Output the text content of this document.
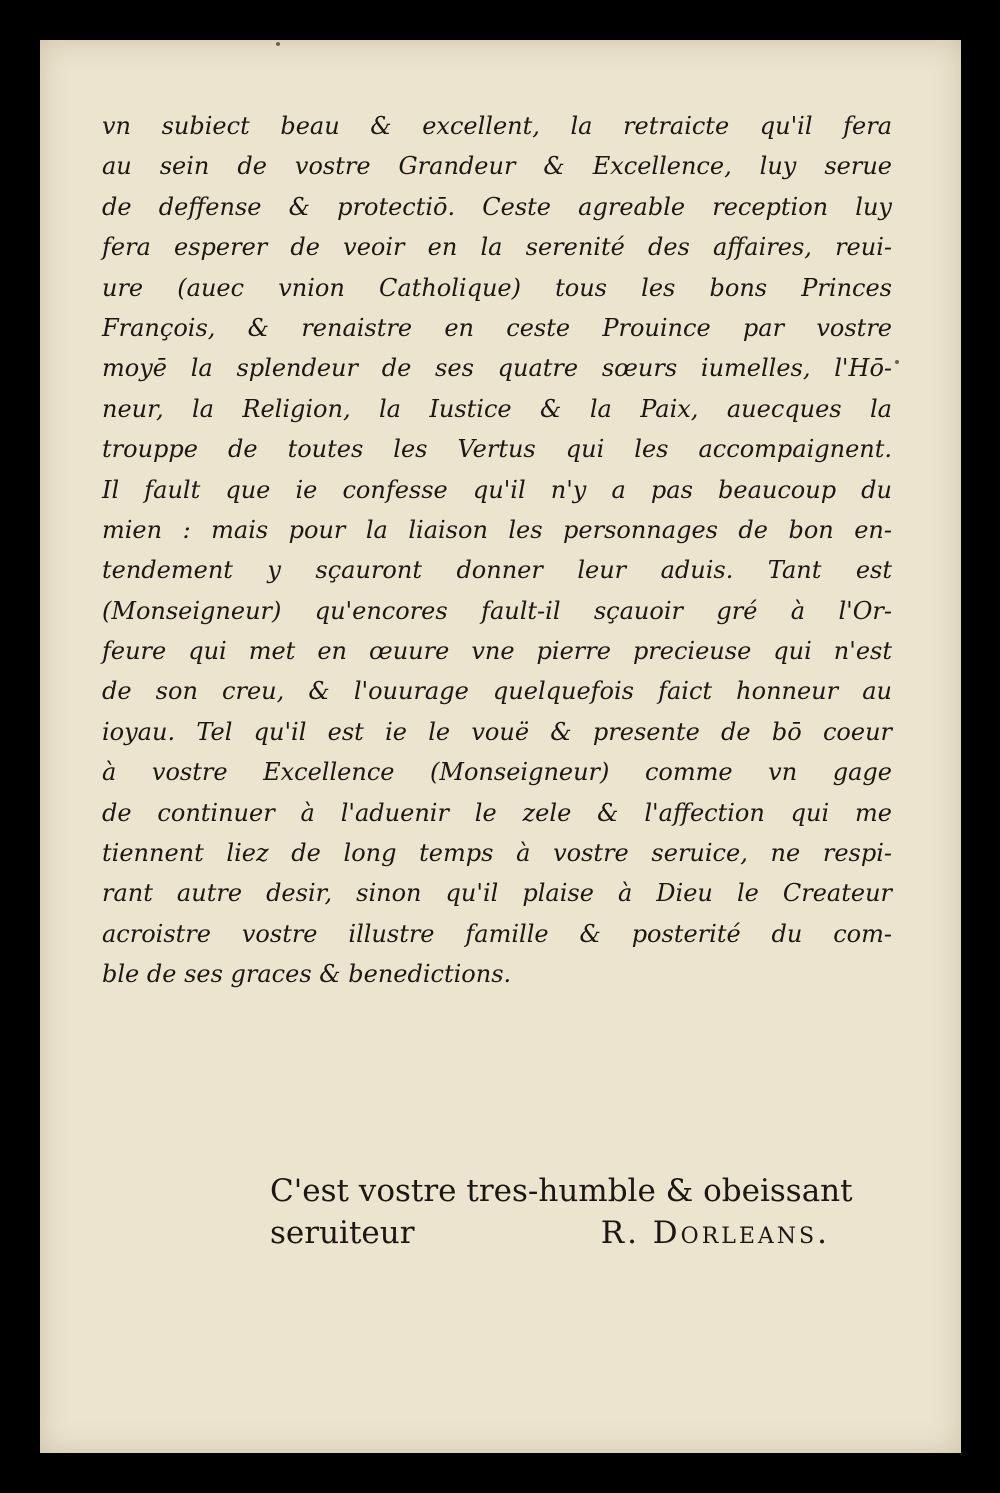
vn subiect beau & excellent, la retraicte qu'il fera
au sein de vostre Grandeur & Excellence, luy serue
de deffense & protectiō. Ceste agreable reception luy
fera esperer de veoir en la serenité des affaires, reui-
ure (auec vnion Catholique) tous les bons Princes
François, & renaistre en ceste Prouince par vostre
moyē la splendeur de ses quatre sœurs iumelles, l'Hō-
neur, la Religion, la Iustice & la Paix, auecques la
trouppe de toutes les Vertus qui les accompaignent.
Il fault que ie confesse qu'il n'y a pas beaucoup du
mien : mais pour la liaison les personnages de bon en-
tendement y sçauront donner leur aduis. Tant est
(Monseigneur) qu'encores fault-il sçauoir gré à l'Or-
feure qui met en œuure vne pierre precieuse qui n'est
de son creu, & l'ouurage quelquefois faict honneur au
ioyau. Tel qu'il est ie le vouë & presente de bō coeur
à vostre Excellence (Monseigneur) comme vn gage
de continuer à l'aduenir le zele & l'affection qui me
tiennent liez de long temps à vostre seruice, ne respi-
rant autre desir, sinon qu'il plaise à Dieu le Createur
acroistre vostre illustre famille & posterité du com-
ble de ses graces & benedictions.
C'est vostre tres-humble & obeissant
seruiteur	R. Dorleans.
